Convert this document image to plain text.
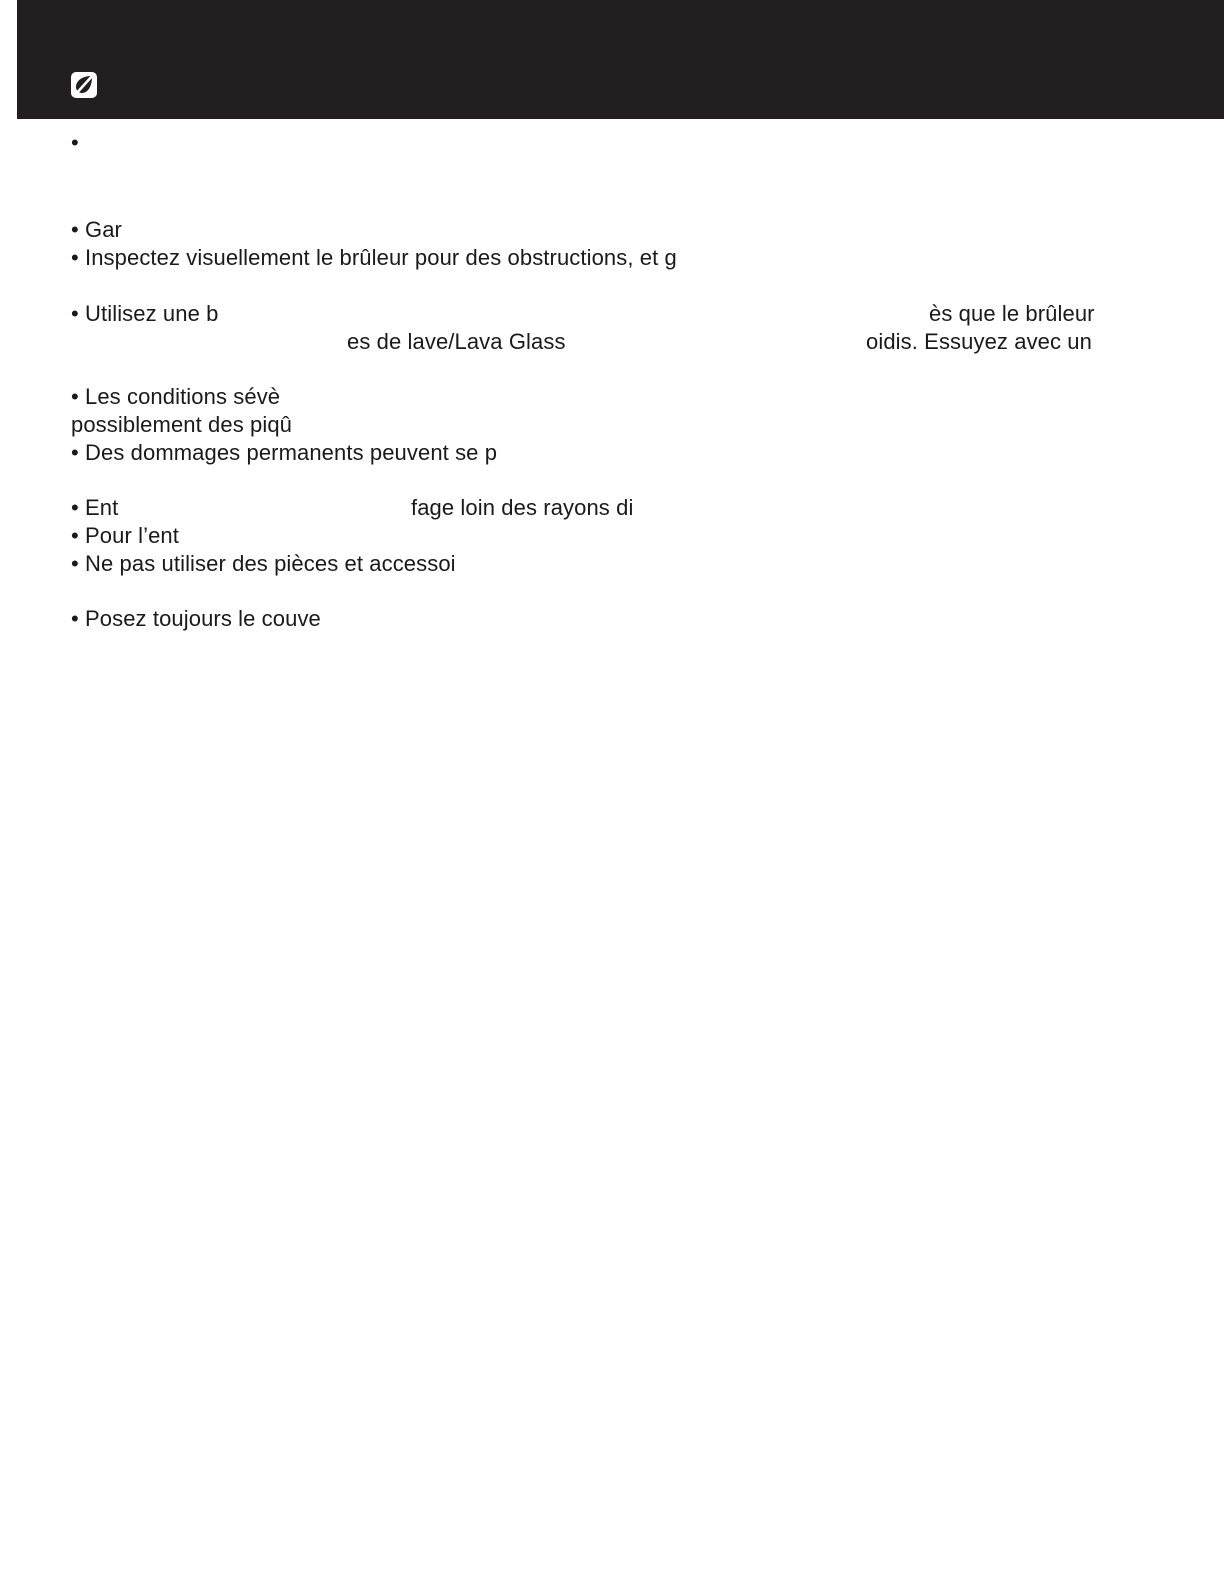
•
• Gar
• Inspectez visuellement le brûleur pour des obstructions, et g
• Utilisez une b	ès que le brûleur
es de lave/Lava Glass	oidis. Essuyez avec un
• Les conditions sévè
possiblement des piqû
• Des dommages permanents peuvent se p
• Ent	fage loin des rayons di
• Pour l’ent
• Ne pas utiliser des pièces et accessoi
• Posez toujours le couve
